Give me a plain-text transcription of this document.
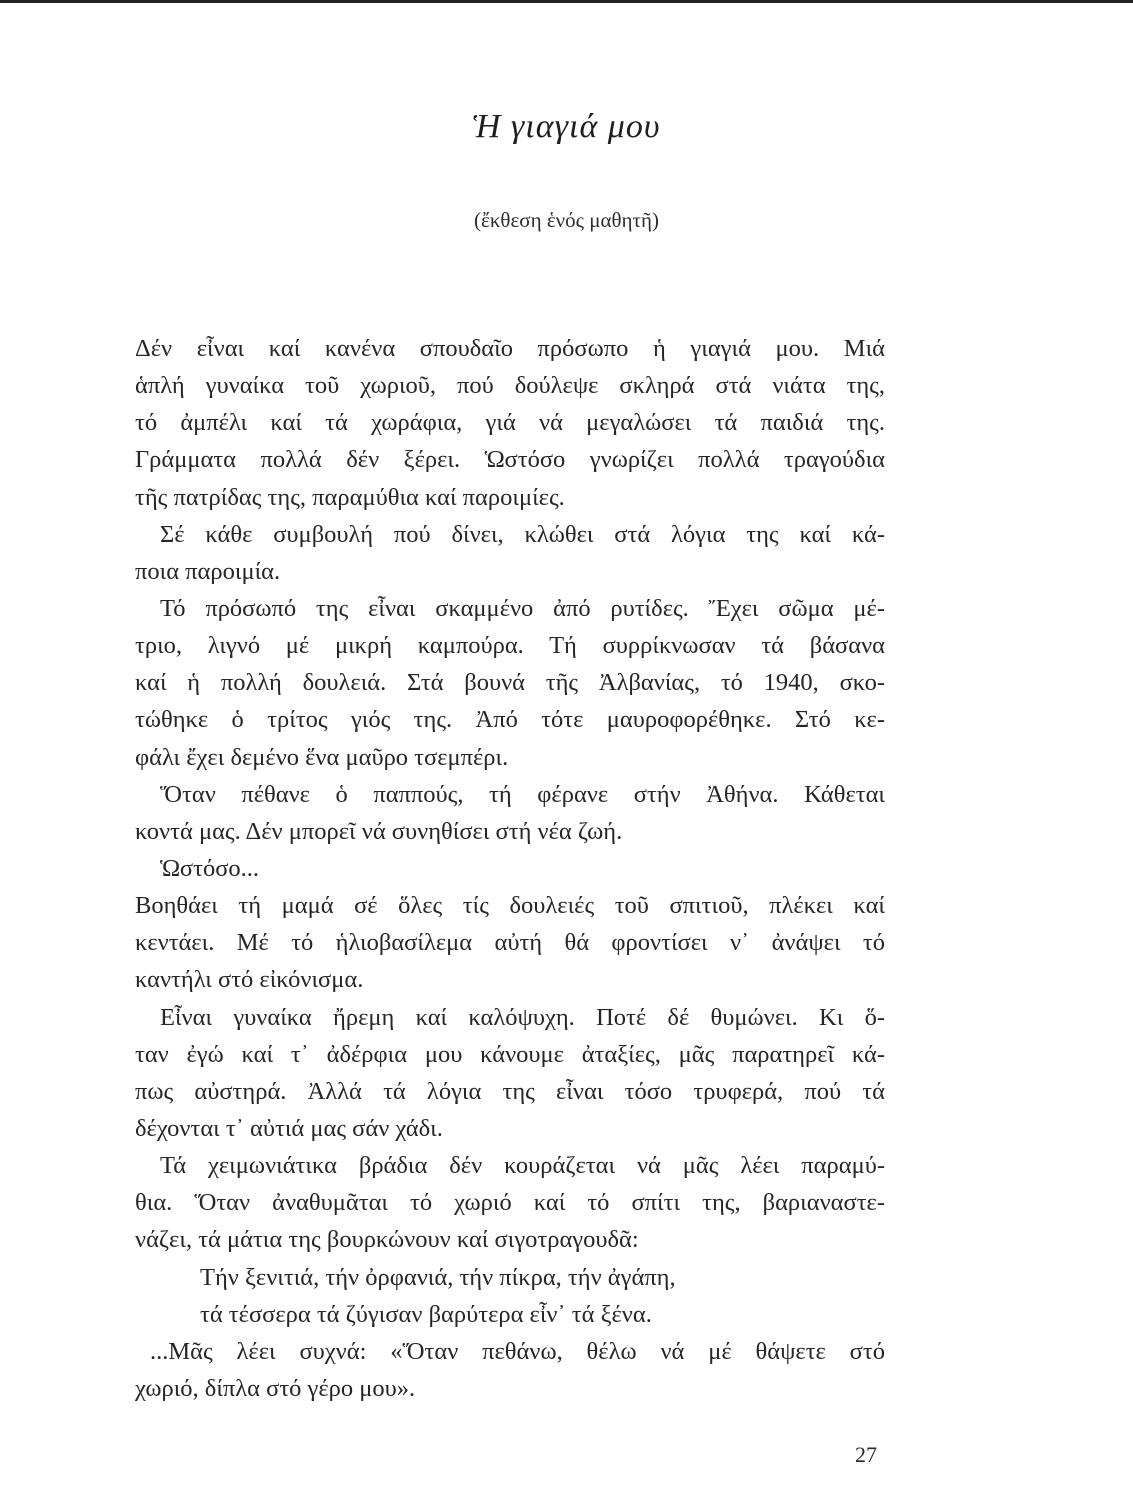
Ἡ γιαγιά μου
(ἔκθεση ἑνός μαθητῆ)
Δέν εἶναι καί κανένα σπουδαῖο πρόσωπο ἡ γιαγιά μου. Μιά
ἁπλή γυναίκα τοῦ χωριοῦ, πού δούλεψε σκληρά στά νιάτα της,
τό ἀμπέλι καί τά χωράφια, γιά νά μεγαλώσει τά παιδιά της.
Γράμματα πολλά δέν ξέρει. Ὡστόσο γνωρίζει πολλά τραγούδια
τῆς πατρίδας της, παραμύθια καί παροιμίες.
Σέ κάθε συμβουλή πού δίνει, κλώθει στά λόγια της καί κά-
ποια παροιμία.
Τό πρόσωπό της εἶναι σκαμμένο ἀπό ρυτίδες. Ἔχει σῶμα μέ-
τριο, λιγνό μέ μικρή καμπούρα. Τή συρρίκνωσαν τά βάσανα
καί ἡ πολλή δουλειά. Στά βουνά τῆς Ἀλβανίας, τό 1940, σκο-
τώθηκε ὁ τρίτος γιός της. Ἀπό τότε μαυροφορέθηκε. Στό κε-
φάλι ἔχει δεμένο ἕνα μαῦρο τσεμπέρι.
Ὅταν πέθανε ὁ παππούς, τή φέρανε στήν Ἀθήνα. Κάθεται
κοντά μας. Δέν μπορεῖ νά συνηθίσει στή νέα ζωή.
Ὡστόσο...
Βοηθάει τή μαμά σέ ὅλες τίς δουλειές τοῦ σπιτιοῦ, πλέκει καί
κεντάει. Μέ τό ἡλιοβασίλεμα αὐτή θά φροντίσει ν᾽ ἀνάψει τό
καντήλι στό εἰκόνισμα.
Εἶναι γυναίκα ἤρεμη καί καλόψυχη. Ποτέ δέ θυμώνει. Κι ὅ-
ταν ἐγώ καί τ᾽ ἀδέρφια μου κάνουμε ἀταξίες, μᾶς παρατηρεῖ κά-
πως αὐστηρά. Ἀλλά τά λόγια της εἶναι τόσο τρυφερά, πού τά
δέχονται τ᾽ αὐτιά μας σάν χάδι.
Τά χειμωνιάτικα βράδια δέν κουράζεται νά μᾶς λέει παραμύ-
θια. Ὅταν ἀναθυμᾶται τό χωριό καί τό σπίτι της, βαριαναστε-
νάζει, τά μάτια της βουρκώνουν καί σιγοτραγουδᾶ:
Τήν ξενιτιά, τήν ὀρφανιά, τήν πίκρα, τήν ἀγάπη,
τά τέσσερα τά ζύγισαν βαρύτερα εἶν᾽ τά ξένα.
...Μᾶς λέει συχνά: «Ὅταν πεθάνω, θέλω νά μέ θάψετε στό
χωριό, δίπλα στό γέρο μου».
27
